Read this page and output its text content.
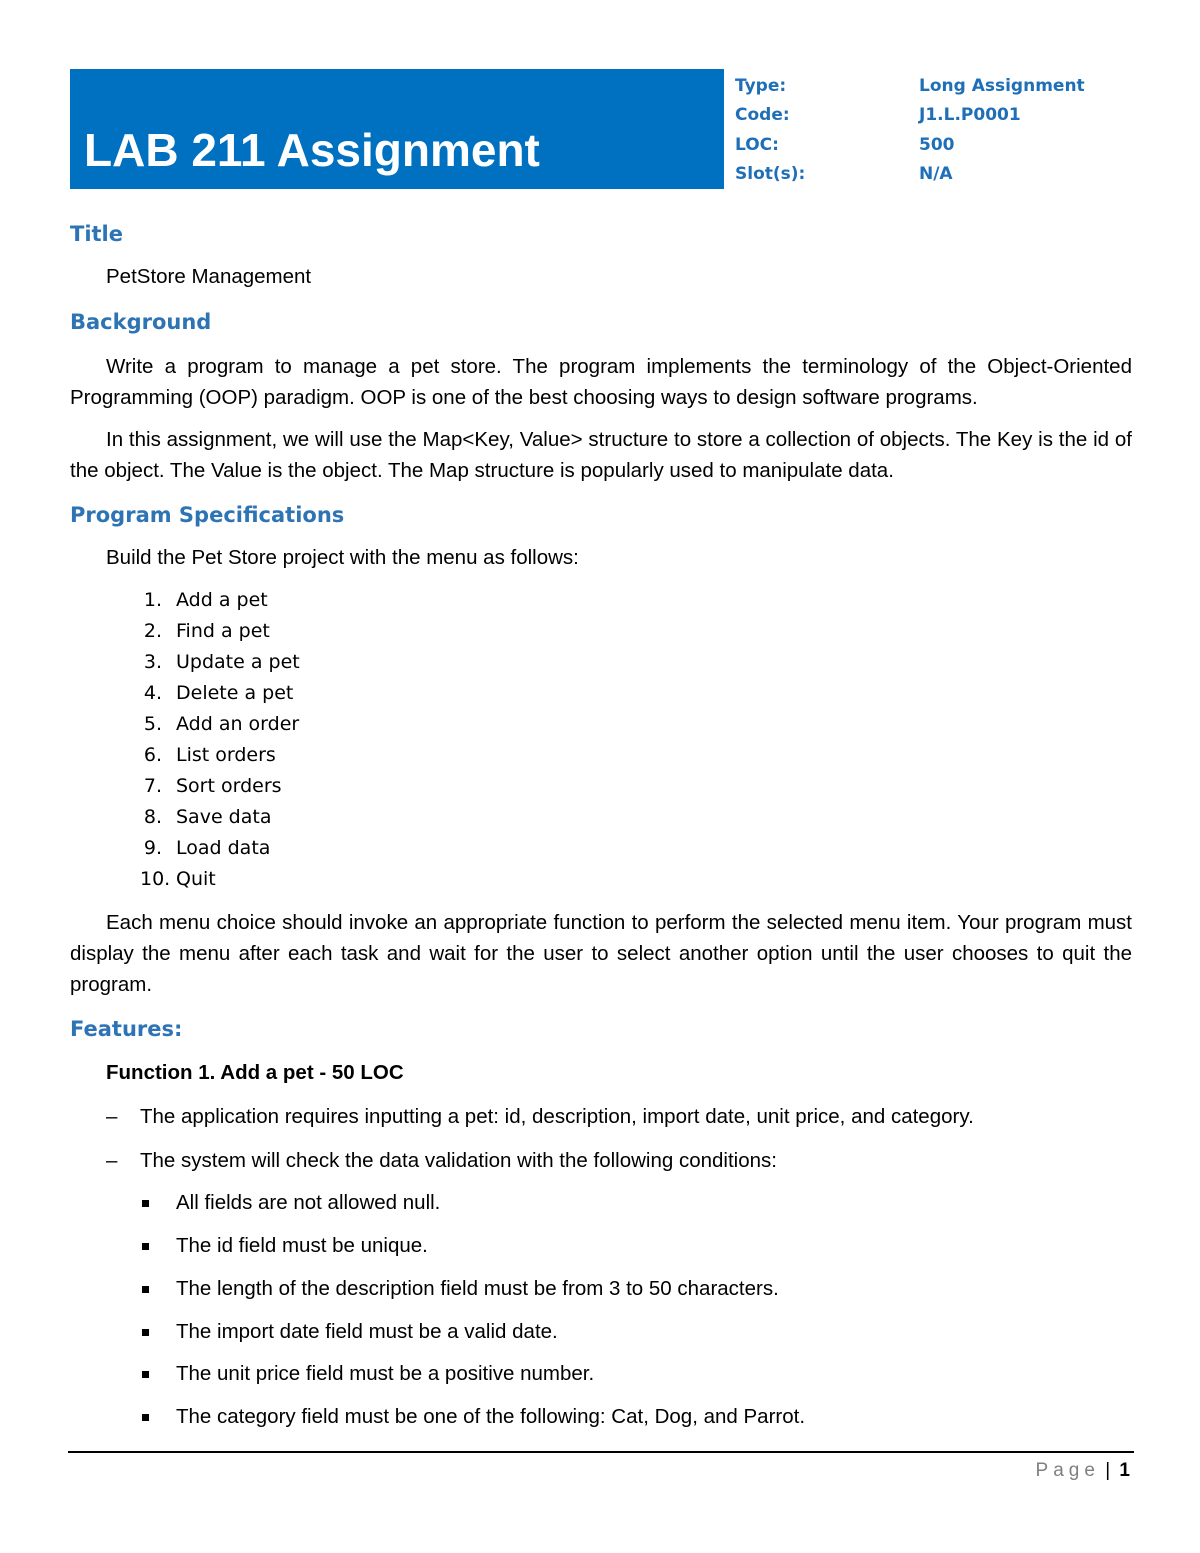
LAB 211 Assignment
Type:	Long Assignment
Code:	J1.L.P0001
LOC:	500
Slot(s):	N/A
Title
PetStore Management
Background
Write a program to manage a pet store. The program implements the terminology of the Object-Oriented Programming (OOP) paradigm. OOP is one of the best choosing ways to design software programs.
In this assignment, we will use the Map<Key, Value> structure to store a collection of objects. The Key is the id of the object. The Value is the object. The Map structure is popularly used to manipulate data.
Program Specifications
Build the Pet Store project with the menu as follows:
1. Add a pet
2. Find a pet
3. Update a pet
4. Delete a pet
5. Add an order
6. List orders
7. Sort orders
8. Save data
9. Load data
10. Quit
Each menu choice should invoke an appropriate function to perform the selected menu item. Your program must display the menu after each task and wait for the user to select another option until the user chooses to quit the program.
Features:
Function 1. Add a pet - 50 LOC
– The application requires inputting a pet: id, description, import date, unit price, and category.
– The system will check the data validation with the following conditions:
All fields are not allowed null.
The id field must be unique.
The length of the description field must be from 3 to 50 characters.
The import date field must be a valid date.
The unit price field must be a positive number.
The category field must be one of the following: Cat, Dog, and Parrot.
Page | 1
